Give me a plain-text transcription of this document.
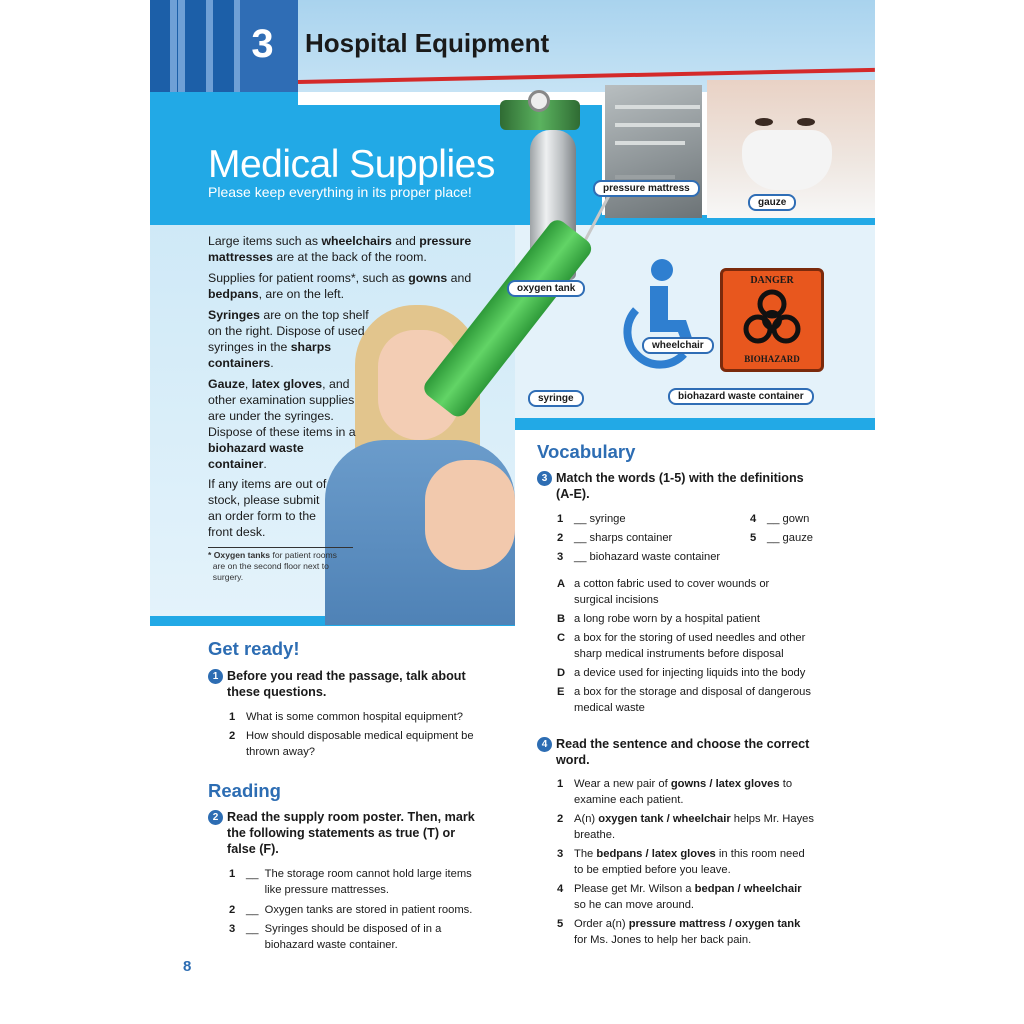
3	Hospital Equipment
Medical Supplies
Please keep everything in its proper place!
DANGER
BIOHAZARD
pressure mattress
gauze
oxygen tank
wheelchair
syringe	biohazard waste container
Large items such as wheelchairs and pressure mattresses are at the back of the room.
Supplies for patient rooms*, such as gowns and bedpans, are on the left.
Syringes are on the top shelf
on the right. Dispose of used
syringes in the sharps
containers.
Gauze, latex gloves, and
other examination supplies
are under the syringes.
Dispose of these items in a
biohazard waste
container.
If any items are out of
stock, please submit
an order form to the
front desk.
* Oxygen tanks for patient rooms
are on the second floor next to
surgery.
Get ready!
1 Before you read the passage, talk about
these questions.
1 What is some common hospital equipment?
2 How should disposable medical equipment be
thrown away?
Reading
2 Read the supply room poster. Then, mark
the following statements as true (T) or
false (F).
1 __  The storage room cannot hold large items
like pressure mattresses.
2 __  Oxygen tanks are stored in patient rooms.
3 __  Syringes should be disposed of in a
biohazard waste container.
Vocabulary
3 Match the words (1-5) with the definitions
(A-E).
1 __ syringe
2 __ sharps container
3 __ biohazard waste container
4 __ gown
5 __ gauze
A a cotton fabric used to cover wounds or
surgical incisions
B a long robe worn by a hospital patient
C a box for the storing of used needles and other
sharp medical instruments before disposal
D a device used for injecting liquids into the body
E a box for the storage and disposal of dangerous
medical waste
4 Read the sentence and choose the correct
word.
1 Wear a new pair of gowns / latex gloves to
examine each patient.
2 A(n) oxygen tank / wheelchair helps Mr. Hayes
breathe.
3 The bedpans / latex gloves in this room need
to be emptied before you leave.
4 Please get Mr. Wilson a bedpan / wheelchair
so he can move around.
5 Order a(n) pressure mattress / oxygen tank
for Ms. Jones to help her back pain.
8
